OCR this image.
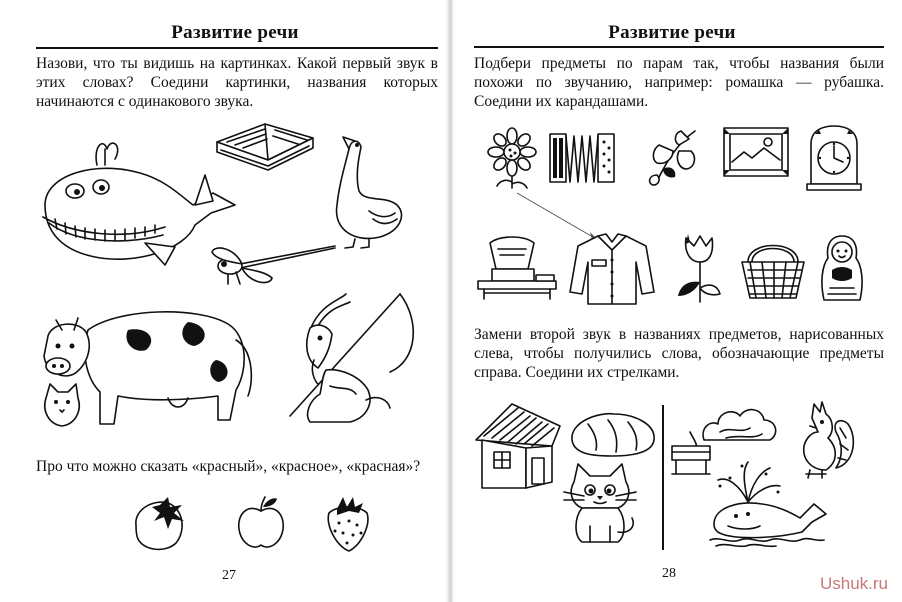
Развитие речи
Назови, что ты видишь на картинках. Какой первый звук в этих словах? Соедини картинки, названия которых начинаются с одинакового звука.
Про что можно сказать «красный», «красное», «красная»?
27
Развитие речи
Подбери предметы по парам так, чтобы названия были похожи по звучанию, например: ромашка — рубашка. Соедини их карандашами.
Замени второй звук в названиях предметов, нарисованных слева, чтобы получились слова, обозначающие предметы справа. Соедини их стрелками.
28
Ushuk.ru
